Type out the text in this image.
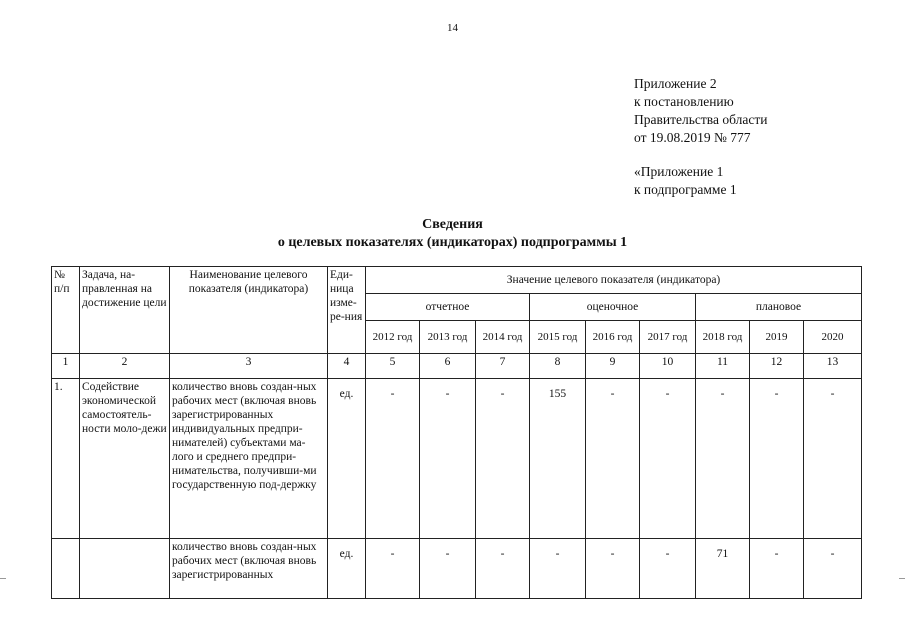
14
Приложение 2
к постановлению
Правительства области
от 19.08.2019 № 777
«Приложение 1
к подпрограмме 1
Сведения
о целевых показателях (индикаторах) подпрограммы 1
№ п/п	Задача, на-правленная на достижение цели	Наименование целевого показателя (индикатора)	Еди-ница изме-ре-ния	Значение целевого показателя (индикатора)								
				отчетное			оценочное			плановое		
				2012 год	2013 год	2014 год	2015 год	2016 год	2017 год	2018 год	2019	2020
1	2	3	4	5	6	7	8	9	10	11	12	13
1.	Содействие экономической самостоятель-ности моло-дежи	количество вновь создан-ных рабочих мест (включая вновь зарегистрированных индивидуальных предпри-нимателей) субъектами ма-лого и среднего предпри-нимательства, получивши-ми государственную под-держку	ед.	-	-	-	155	-	-	-	-	-
		количество вновь создан-ных рабочих мест (включая вновь зарегистрированных	ед.	-	-	-	-	-	-	71	-	-
